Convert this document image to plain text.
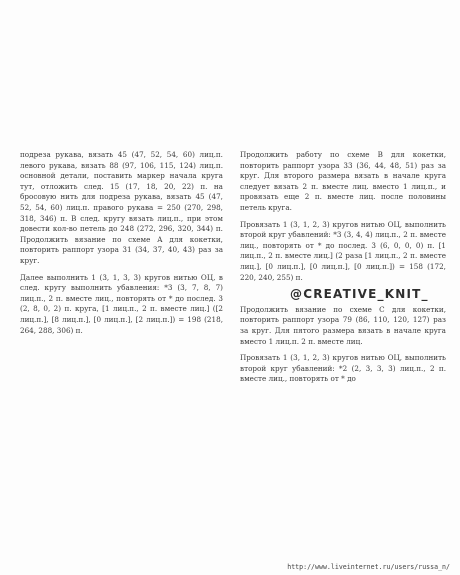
подреза рукава, вязать 45 (47, 52, 54, 60) лиц.п. левого рукава, вязать 88 (97, 106, 115, 124) лиц.п. основной детали, поставить маркер начала круга тут, отложить след. 15 (17, 18, 20, 22) п. на бросовую нить для подреза рукава, вязать 45 (47, 52, 54, 60) лиц.п. правого рукава = 250 (270, 298, 318, 346) п. В след. кругу вязать лиц.п., при этом довести кол-во петель до 248 (272, 296, 320, 344) п. Продолжить вязание по схеме А для кокетки, повторить раппорт узора 31 (34, 37, 40, 43) раз за круг.

Далее выполнить 1 (3, 1, 3, 3) кругов нитью ОЦ, в след. кругу выполнить убавления: *3 (3, 7, 8, 7) лиц.п., 2 п. вместе лиц., повторять от * до послед. 3 (2, 8, 0, 2) п. круга, [1 лиц.п., 2 п. вместе лиц.] ([2 лиц.п.], [8 лиц.п.], [0 лиц.п.], [2 лиц.п.]) = 198 (218, 264, 288, 306) п.

Продолжить работу по схеме В для кокетки, повторить раппорт узора 33 (36, 44, 48, 51) раз за круг. Для второго размера вязать в начале круга следует вязать 2 п. вместе лиц. вместо 1 лиц.п., и провязать еще 2 п. вместе лиц. после половины петель круга.

Провязать 1 (3, 1, 2, 3) кругов нитью ОЦ, выполнить второй круг убавлений: *3 (3, 4, 4) лиц.п., 2 п. вместе лиц., повторять от * до послед. 3 (6, 0, 0, 0) п. [1 лиц.п., 2 п. вместе лиц.] (2 раза [1 лиц.п., 2 п. вместе лиц.], [0 лиц.п.], [0 лиц.п.], [0 лиц.п.]) = 158 (172, 220, 240, 255) п.

@CREATIVE_KNIT_

Продолжить вязание по схеме С для кокетки, повторить раппорт узора 79 (86, 110, 120, 127) раз за круг. Для пятого размера вязать в начале круга вместо 1 лиц.п. 2 п. вместе лиц.

Провязать 1 (3, 1, 2, 3) кругов нитью ОЦ, выполнить второй круг убавлений: *2 (2, 3, 3, 3) лиц.п., 2 п. вместе лиц., повторять от * до

http://www.liveinternet.ru/users/russa_n/
